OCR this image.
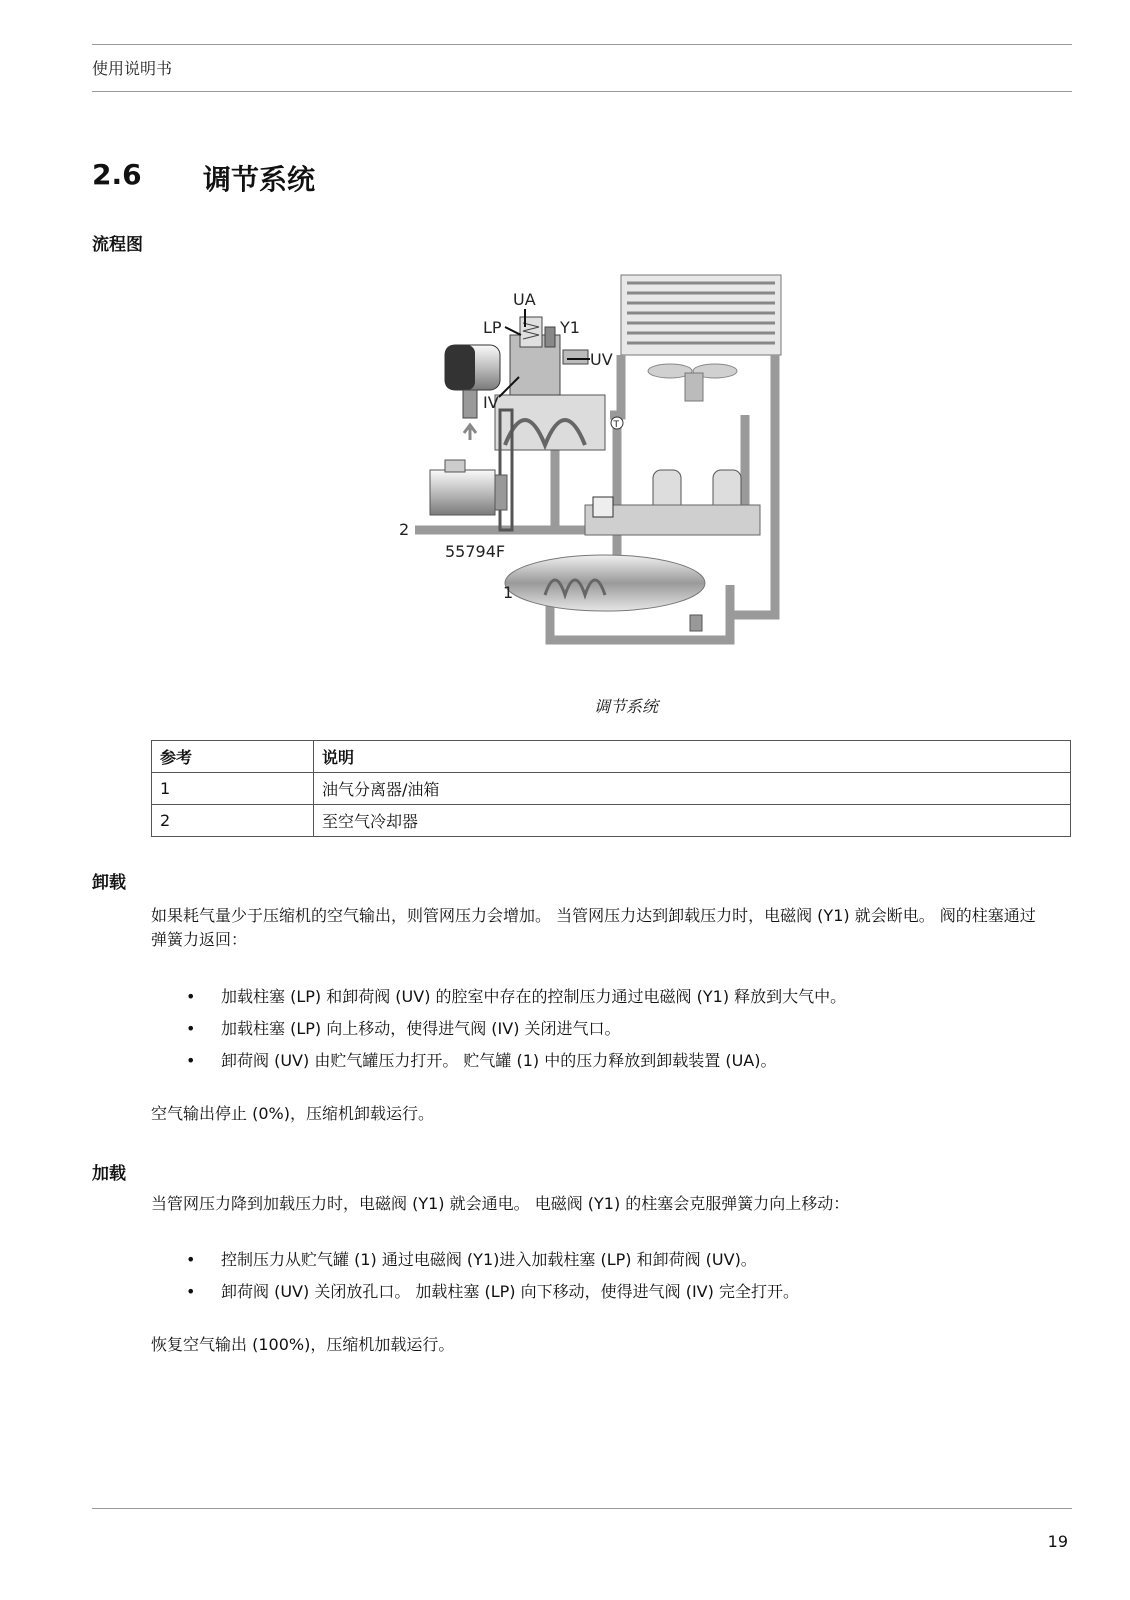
使用说明书
2.6 调节系统
流程图
UA
LP	Y1
UV
IV
T
2
55794F
1
调节系统
参考	说明
1	油气分离器/油箱
2	至空气冷却器
卸载
如果耗气量少于压缩机的空气输出，则管网压力会增加。 当管网压力达到卸载压力时，电磁阀 (Y1) 就会断电。 阀的柱塞通过弹簧力返回：
• 加载柱塞 (LP) 和卸荷阀 (UV) 的腔室中存在的控制压力通过电磁阀 (Y1) 释放到大气中。
• 加载柱塞 (LP) 向上移动，使得进气阀 (IV) 关闭进气口。
• 卸荷阀 (UV) 由贮气罐压力打开。 贮气罐 (1) 中的压力释放到卸载装置 (UA)。
空气输出停止 (0%)，压缩机卸载运行。
加载
当管网压力降到加载压力时，电磁阀 (Y1) 就会通电。 电磁阀 (Y1) 的柱塞会克服弹簧力向上移动：
• 控制压力从贮气罐 (1) 通过电磁阀 (Y1)进入加载柱塞 (LP) 和卸荷阀 (UV)。
• 卸荷阀 (UV) 关闭放孔口。 加载柱塞 (LP) 向下移动，使得进气阀 (IV) 完全打开。
恢复空气输出 (100%)，压缩机加载运行。
19
